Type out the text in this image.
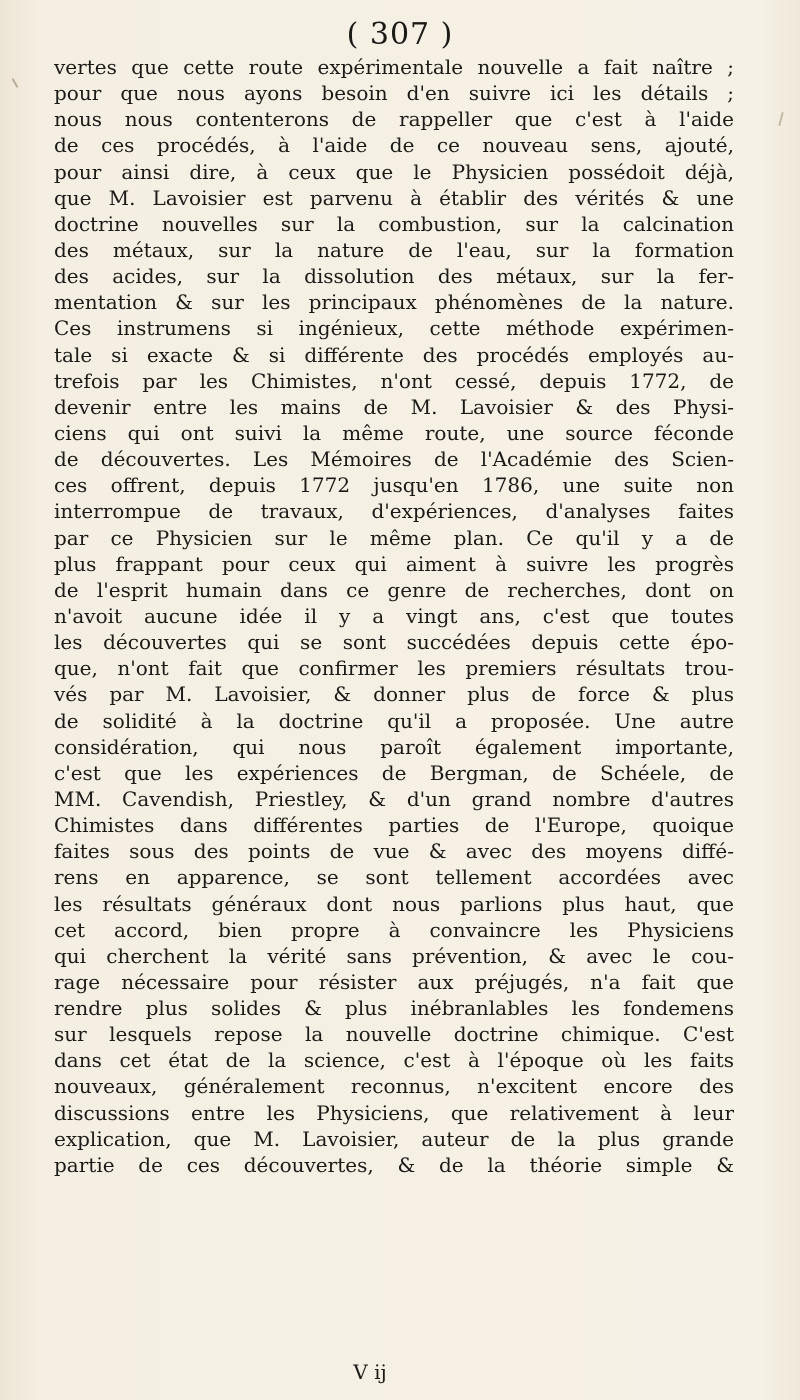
( 307 )
vertes que cette route expérimentale nouvelle a fait naître ;
pour que nous ayons besoin d'en suivre ici les détails ;
nous nous contenterons de rappeller que c'est à l'aide
de ces procédés, à l'aide de ce nouveau sens, ajouté,
pour ainsi dire, à ceux que le Physicien possédoit déjà,
que M. Lavoisier est parvenu à établir des vérités & une
doctrine nouvelles sur la combustion, sur la calcination
des métaux, sur la nature de l'eau, sur la formation
des acides, sur la dissolution des métaux, sur la fer-
mentation & sur les principaux phénomènes de la nature.
Ces instrumens si ingénieux, cette méthode expérimen-
tale si exacte & si différente des procédés employés au-
trefois par les Chimistes, n'ont cessé, depuis 1772, de
devenir entre les mains de M. Lavoisier & des Physi-
ciens qui ont suivi la même route, une source féconde
de découvertes. Les Mémoires de l'Académie des Scien-
ces offrent, depuis 1772 jusqu'en 1786, une suite non
interrompue de travaux, d'expériences, d'analyses faites
par ce Physicien sur le même plan. Ce qu'il y a de
plus frappant pour ceux qui aiment à suivre les progrès
de l'esprit humain dans ce genre de recherches, dont on
n'avoit aucune idée il y a vingt ans, c'est que toutes
les découvertes qui se sont succédées depuis cette épo-
que, n'ont fait que confirmer les premiers résultats trou-
vés par M. Lavoisier, & donner plus de force & plus
de solidité à la doctrine qu'il a proposée. Une autre
considération, qui nous paroît également importante,
c'est que les expériences de Bergman, de Schéele, de
MM. Cavendish, Priestley, & d'un grand nombre d'autres
Chimistes dans différentes parties de l'Europe, quoique
faites sous des points de vue & avec des moyens diffé-
rens en apparence, se sont tellement accordées avec
les résultats généraux dont nous parlions plus haut, que
cet accord, bien propre à convaincre les Physiciens
qui cherchent la vérité sans prévention, & avec le cou-
rage nécessaire pour résister aux préjugés, n'a fait que
rendre plus solides & plus inébranlables les fondemens
sur lesquels repose la nouvelle doctrine chimique. C'est
dans cet état de la science, c'est à l'époque où les faits
nouveaux, généralement reconnus, n'excitent encore des
discussions entre les Physiciens, que relativement à leur
explication, que M. Lavoisier, auteur de la plus grande
partie de ces découvertes, & de la théorie simple &
V ij
